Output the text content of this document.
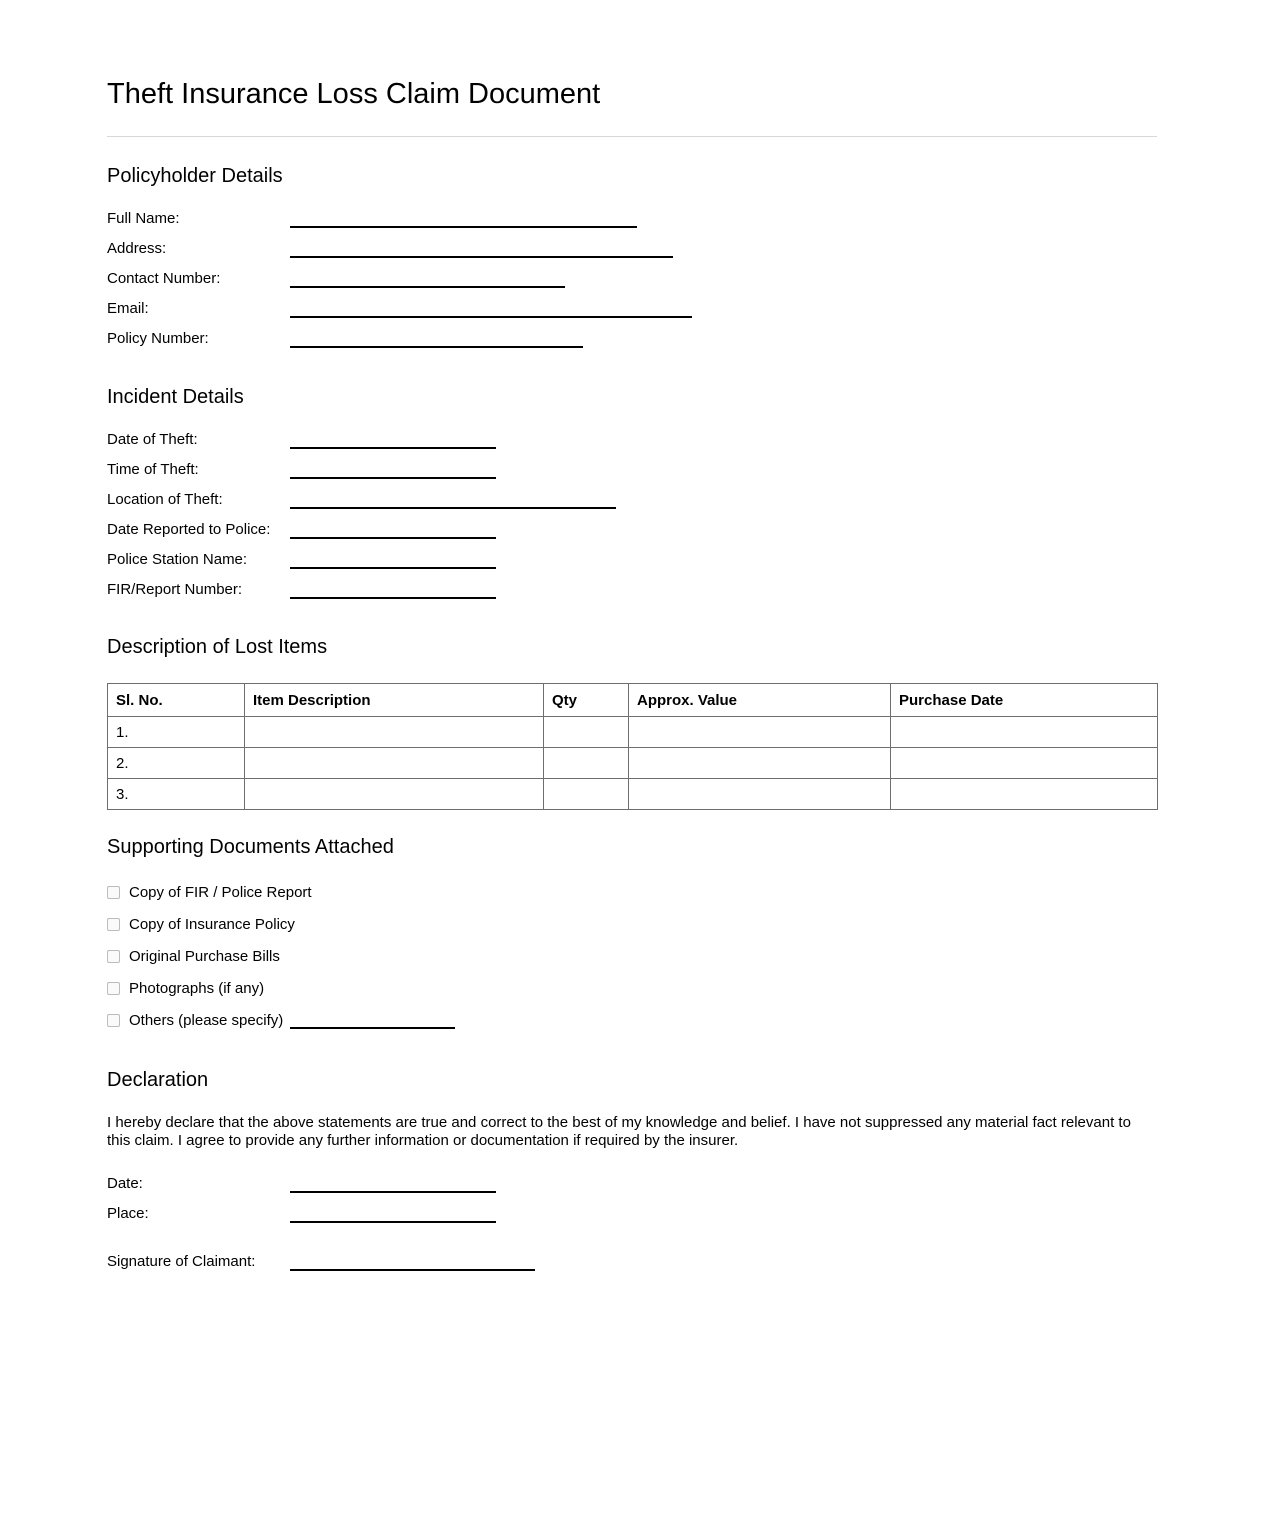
Theft Insurance Loss Claim Document
Policyholder Details
Full Name:
Address:
Contact Number:
Email:
Policy Number:
Incident Details
Date of Theft:
Time of Theft:
Location of Theft:
Date Reported to Police:
Police Station Name:
FIR/Report Number:
Description of Lost Items
Sl. No.	Item Description	Qty	Approx. Value	Purchase Date
1.				
2.				
3.				
Supporting Documents Attached
Copy of FIR / Police Report
Copy of Insurance Policy
Original Purchase Bills
Photographs (if any)
Others (please specify)
Declaration

I hereby declare that the above statements are true and correct to the best of my knowledge and belief. I have not suppressed any material fact relevant to this claim. I agree to provide any further information or documentation if required by the insurer.

Date:
Place:
Signature of Claimant:
